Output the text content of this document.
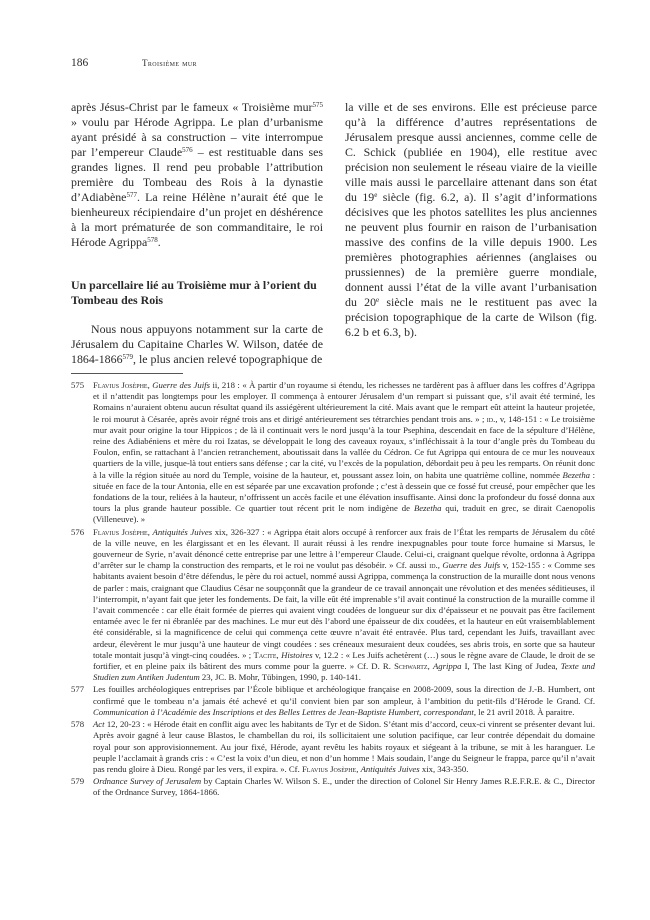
186	Troisième mur

après Jésus-Christ par le fameux « Troisième mur$^{575}$ » voulu par Hérode Agrippa. Le plan d’urbanisme ayant présidé à sa construction – vite interrompue par l’empereur Claude$^{576}$ – est restituable dans ses grandes lignes. Il rend peu probable l’attribution première du Tombeau des Rois à la dynastie d’Adiabène$^{577}$. La reine Hélène n’aurait été que le bienheureux récipiendaire d’un projet en déshérence à la mort prématurée de son commanditaire, le roi Hérode Agrippa$^{578}$.

Un parcellaire lié au Troisième mur à l’orient du Tombeau des Rois

Nous nous appuyons notamment sur la carte de Jérusalem du Capitaine Charles W. Wilson, datée de 1864-1866$^{579}$, le plus ancien relevé topographique de

la ville et de ses environs. Elle est précieuse parce qu’à la différence d’autres représentations de Jérusalem presque aussi anciennes, comme celle de C. Schick (publiée en 1904), elle restitue avec précision non seulement le réseau viaire de la vieille ville mais aussi le parcellaire attenant dans son état du 19e siècle (fig. 6.2, a). Il s’agit d’informations décisives que les photos satellites les plus anciennes ne peuvent plus fournir en raison de l’urbanisation massive des confins de la ville depuis 1900. Les premières photographies aériennes (anglaises ou prussiennes) de la première guerre mondiale, donnent aussi l’état de la ville avant l’urbanisation du 20e siècle mais ne le restituent pas avec la précision topographique de la carte de Wilson (fig. 6.2 b et 6.3, b).

575 Flavius Josèphe, Guerre des Juifs ii, 218 : « À partir d’un royaume si étendu, les richesses ne tardèrent pas à affluer dans les coffres d’Agrippa et il n’attendit pas longtemps pour les employer. Il commença à entourer Jérusalem d’un rempart si puissant que, s’il avait été terminé, les Romains n’auraient obtenu aucun résultat quand ils assiégèrent ultérieurement la cité. Mais avant que le rempart eût atteint la hauteur projetée, le roi mourut à Césarée, après avoir régné trois ans et dirigé antérieurement ses tétrarchies pendant trois ans. » ; id., v, 148-151 : « Le troisième mur avait pour origine la tour Hippicos ; de là il continuait vers le nord jusqu’à la tour Psephina, descendait en face de la sépulture d’Hélène, reine des Adiabéniens et mère du roi Izatas, se développait le long des caveaux royaux, s’infléchissait à la tour d’angle près du Tombeau du Foulon, enfin, se rattachant à l’ancien retranchement, aboutissait dans la vallée du Cédron. Ce fut Agrippa qui entoura de ce mur les nouveaux quartiers de la ville, jusque-là tout entiers sans défense ; car la cité, vu l’excès de la population, débordait peu à peu les remparts. On réunit donc à la ville la région située au nord du Temple, voisine de la hauteur, et, poussant assez loin, on habita une quatrième colline, nommée Bezetha : située en face de la tour Antonia, elle en est séparée par une excavation profonde ; c’est à dessein que ce fossé fut creusé, pour empêcher que les fondations de la tour, reliées à la hauteur, n’offrissent un accès facile et une élévation insuffisante. Ainsi donc la profondeur du fossé donna aux tours la plus grande hauteur possible. Ce quartier tout récent prit le nom indigène de Bezetha qui, traduit en grec, se dirait Caenopolis (Villeneuve). »

576 Flavius Josèphe, Antiquités Juives xix, 326-327 : « Agrippa était alors occupé à renforcer aux frais de l’État les remparts de Jérusalem du côté de la ville neuve, en les élargissant et en les élevant. Il aurait réussi à les rendre inexpugnables pour toute force humaine si Marsus, le gouverneur de Syrie, n’avait dénoncé cette entreprise par une lettre à l’empereur Claude. Celui-ci, craignant quelque révolte, ordonna à Agrippa d’arrêter sur le champ la construction des remparts, et le roi ne voulut pas désobéir. » Cf. aussi id., Guerre des Juifs v, 152-155 : « Comme ses habitants avaient besoin d’être défendus, le père du roi actuel, nommé aussi Agrippa, commença la construction de la muraille dont nous venons de parler : mais, craignant que Claudius César ne soupçonnât que la grandeur de ce travail annonçait une révolution et des menées séditieuses, il l’interrompit, n’ayant fait que jeter les fondements. De fait, la ville eût été imprenable s’il avait continué la construction de la muraille comme il l’avait commencée : car elle était formée de pierres qui avaient vingt coudées de longueur sur dix d’épaisseur et ne pouvait pas être facilement entamée avec le fer ni ébranlée par des machines. Le mur eut dès l’abord une épaisseur de dix coudées, et la hauteur en eût vraisemblablement été considérable, si la magnificence de celui qui commença cette œuvre n’avait été entravée. Plus tard, cependant les Juifs, travaillant avec ardeur, élevèrent le mur jusqu’à une hauteur de vingt coudées : ses créneaux mesuraient deux coudées, ses abris trois, en sorte que sa hauteur totale montait jusqu’à vingt-cinq coudées. » ; Tacite, Histoires v, 12.2 : « Les Juifs achetèrent (…) sous le règne avare de Claude, le droit de se fortifier, et en pleine paix ils bâtirent des murs comme pour la guerre. » Cf. D. R. Schwartz, Agrippa I, The last King of Judea, Texte und Studien zum Antiken Judentum 23, JC. B. Mohr, Tübingen, 1990, p. 140-141.

577 Les fouilles archéologiques entreprises par l’École biblique et archéologique française en 2008-2009, sous la direction de J.-B. Humbert, ont confirmé que le tombeau n’a jamais été achevé et qu’il convient bien par son ampleur, à l’ambition du petit-fils d’Hérode le Grand. Cf. Communication à l’Académie des Inscriptions et des Belles Lettres de Jean-Baptiste Humbert, correspondant, le 21 avril 2018. À paraitre.

578 Act 12, 20-23 : « Hérode était en conflit aigu avec les habitants de Tyr et de Sidon. S’étant mis d’accord, ceux-ci vinrent se présenter devant lui. Après avoir gagné à leur cause Blastos, le chambellan du roi, ils sollicitaient une solution pacifique, car leur contrée dépendait du domaine royal pour son approvisionnement. Au jour fixé, Hérode, ayant revêtu les habits royaux et siégeant à la tribune, se mit à les haranguer. Le peuple l’acclamait à grands cris : « C’est la voix d’un dieu, et non d’un homme ! Mais soudain, l’ange du Seigneur le frappa, parce qu’il n’avait pas rendu gloire à Dieu. Rongé par les vers, il expira. ». Cf. Flavius Josèphe, Antiquités Juives xix, 343-350.

579 Ordnance Survey of Jerusalem by Captain Charles W. Wilson S. E., under the direction of Colonel Sir Henry James R.E.F.R.E. & C., Director of the Ordnance Survey, 1864-1866.
